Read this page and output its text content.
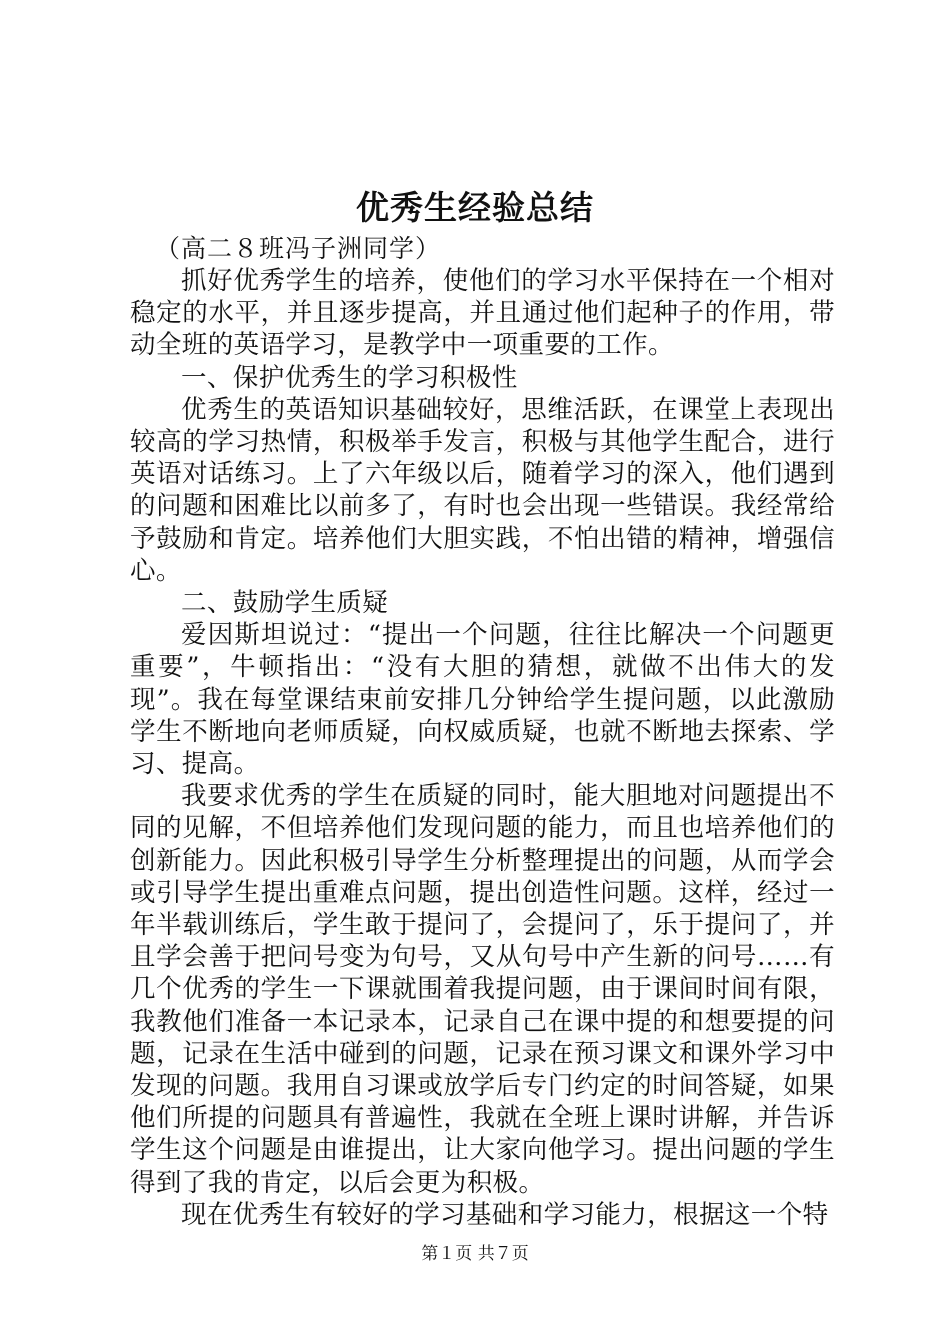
优秀生经验总结
（高二８班冯子洲同学）

抓好优秀学生的培养，使他们的学习水平保持在一个相对稳定的水平，并且逐步提高，并且通过他们起种子的作用，带动全班的英语学习，是教学中一项重要的工作。

一、保护优秀生的学习积极性

优秀生的英语知识基础较好，思维活跃，在课堂上表现出较高的学习热情，积极举手发言，积极与其他学生配合，进行英语对话练习。上了六年级以后，随着学习的深入，他们遇到的问题和困难比以前多了，有时也会出现一些错误。我经常给予鼓励和肯定。培养他们大胆实践，不怕出错的精神，增强信心。

二、鼓励学生质疑

爱因斯坦说过：“提出一个问题，往往比解决一个问题更重要”，牛顿指出：“没有大胆的猜想，就做不出伟大的发现”。我在每堂课结束前安排几分钟给学生提问题，以此激励学生不断地向老师质疑，向权威质疑，也就不断地去探索、学习、提高。

我要求优秀的学生在质疑的同时，能大胆地对问题提出不同的见解，不但培养他们发现问题的能力，而且也培养他们的创新能力。因此积极引导学生分析整理提出的问题，从而学会或引导学生提出重难点问题，提出创造性问题。这样，经过一年半载训练后，学生敢于提问了，会提问了，乐于提问了，并且学会善于把问号变为句号，又从句号中产生新的问号……有几个优秀的学生一下课就围着我提问题，由于课间时间有限，我教他们准备一本记录本，记录自己在课中提的和想要提的问题，记录在生活中碰到的问题，记录在预习课文和课外学习中发现的问题。我用自习课或放学后专门约定的时间答疑，如果他们所提的问题具有普遍性，我就在全班上课时讲解，并告诉学生这个问题是由谁提出，让大家向他学习。提出问题的学生得到了我的肯定，以后会更为积极。

现在优秀生有较好的学习基础和学习能力，根据这一个特

第１页 共７页
